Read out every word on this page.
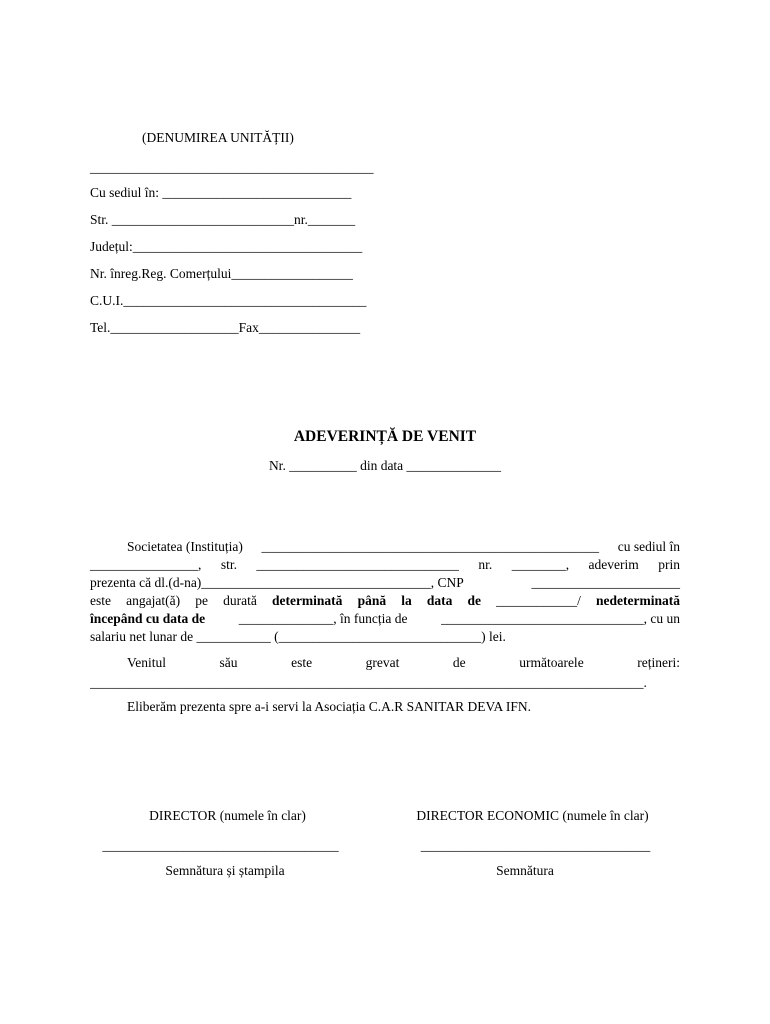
(DENUMIREA UNITĂȚII)
__________________________________________
Cu sediul în: ____________________________
Str. ___________________________nr._______
Județul:__________________________________
Nr. înreg.Reg. Comerțului__________________
C.U.I.____________________________________
Tel.___________________Fax_______________
ADEVERINȚĂ DE VENIT
Nr. __________ din data ______________
Societatea (Instituția) __________________________________________________ cu sediul în
________________, str. ______________________________ nr. ________, adeverim prin
prezenta că dl.(d-na)__________________________________, CNP	______________________
este angajat(ă) pe durată determinată până la data de ____________/ nedeterminată
începând cu data de ______________, în funcția de ______________________________, cu un
salariu net lunar de ___________ (______________________________) lei.
Venitul	său	este	grevat	de	următoarele	rețineri:
__________________________________________________________________________________.
Eliberăm prezenta spre a-i servi la Asociația C.A.R SANITAR DEVA IFN.
DIRECTOR (numele în clar)
___________________________________
Semnătura și ștampila
DIRECTOR ECONOMIC (numele în clar)
__________________________________
Semnătura
